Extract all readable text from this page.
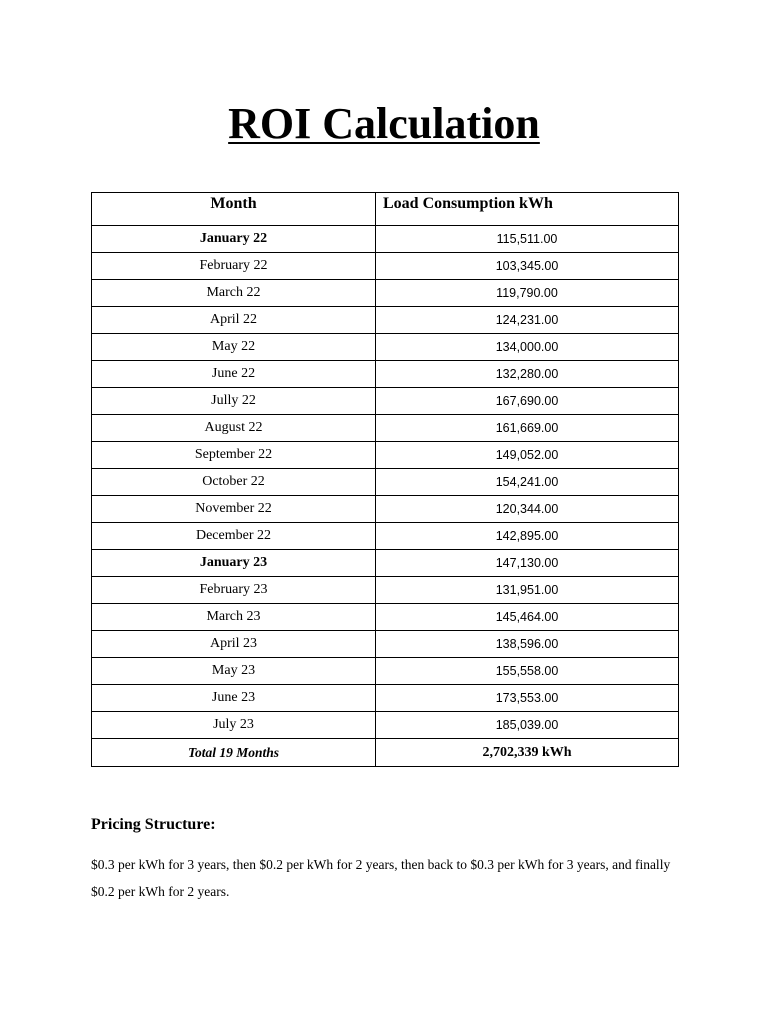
ROI Calculation
Month	Load Consumption kWh
January 22	115,511.00
February 22	103,345.00
March 22	119,790.00
April 22	124,231.00
May 22	134,000.00
June 22	132,280.00
Jully 22	167,690.00
August 22	161,669.00
September 22	149,052.00
October 22	154,241.00
November 22	120,344.00
December 22	142,895.00
January 23	147,130.00
February 23	131,951.00
March 23	145,464.00
April 23	138,596.00
May 23	155,558.00
June 23	173,553.00
July 23	185,039.00
Total 19 Months	2,702,339 kWh
Pricing Structure:

$0.3 per kWh for 3 years, then $0.2 per kWh for 2 years, then back to $0.3 per kWh for 3 years, and finally $0.2 per kWh for 2 years.
